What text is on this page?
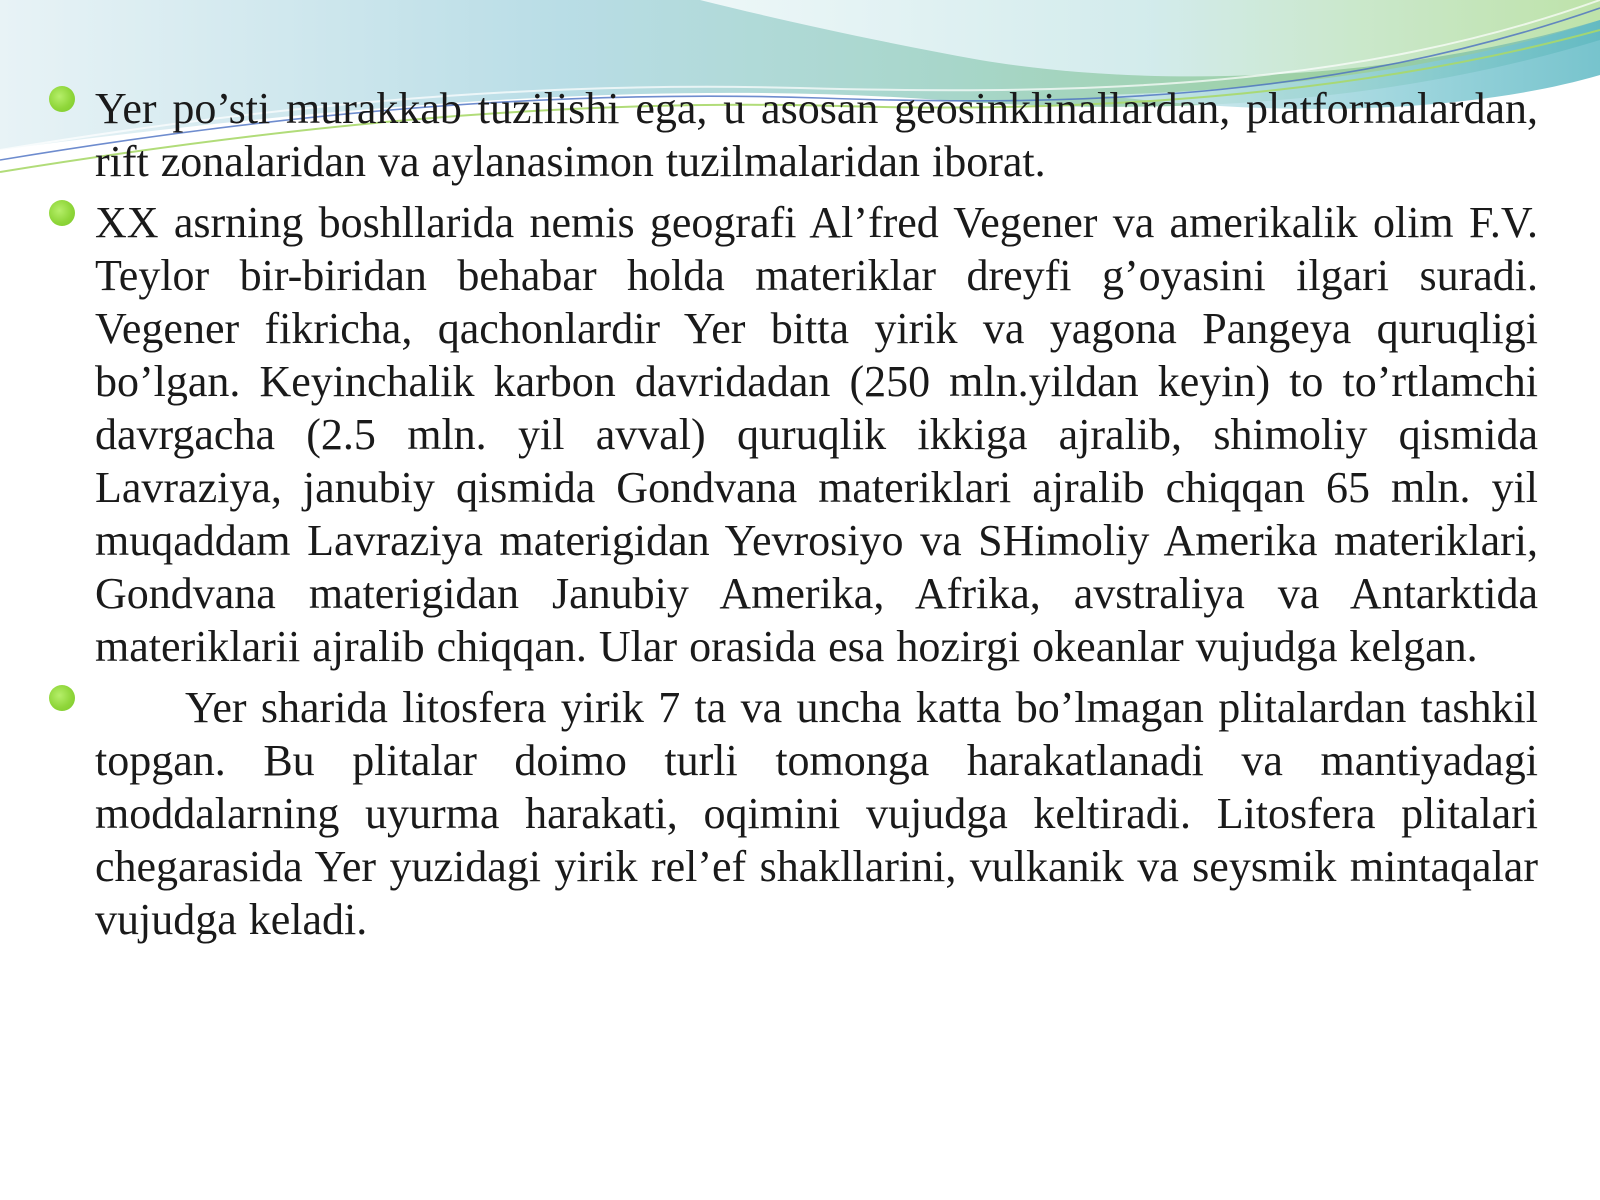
Yer po’sti murakkab tuzilishi ega, u asosan geosinklinallardan, platformalardan, rift zonalaridan va aylanasimon tuzilmalaridan iborat.
XX asrning boshllarida nemis geografi Al’fred Vegener va amerikalik olim F.V. Teylor bir-biridan behabar holda materiklar dreyfi g’oyasini ilgari suradi. Vegener fikricha, qachonlardir Yer bitta yirik va yagona Pangeya quruqligi bo’lgan. Keyinchalik karbon davridadan (250 mln.yildan keyin) to to’rtlamchi davrgacha (2.5 mln. yil avval) quruqlik ikkiga ajralib, shimoliy qismida Lavraziya, janubiy qismida Gondvana materiklari ajralib chiqqan 65 mln. yil muqaddam Lavraziya materigidan Yevrosiyo va SHimoliy Amerika materiklari, Gondvana materigidan Janubiy Amerika, Afrika, avstraliya va Antarktida materiklarii ajralib chiqqan. Ular orasida esa hozirgi okeanlar vujudga kelgan.
Yer sharida litosfera yirik 7 ta va uncha katta bo’lmagan plitalardan tashkil topgan. Bu plitalar doimo turli tomonga harakatlanadi va mantiyadagi moddalarning uyurma harakati, oqimini vujudga keltiradi. Litosfera plitalari chegarasida Yer yuzidagi yirik rel’ef shakllarini, vulkanik va seysmik mintaqalar vujudga keladi.
